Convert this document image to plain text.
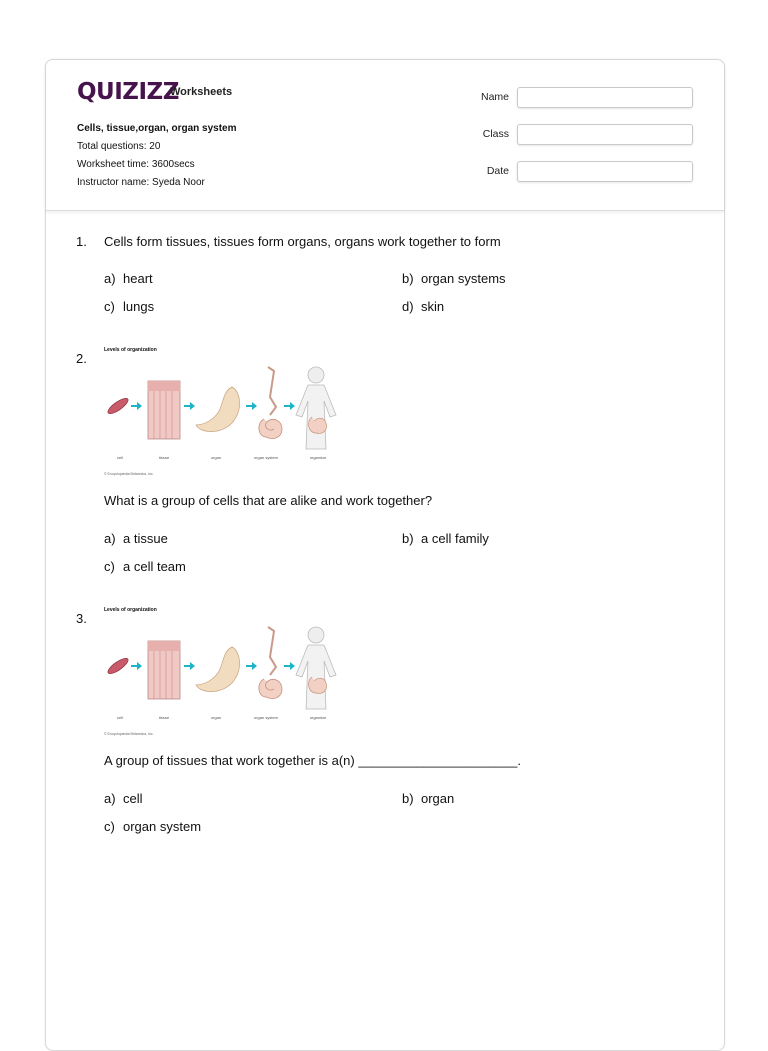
QUIZIZZ
Worksheets
Cells, tissue,organ, organ system
Total questions: 20
Worksheet time: 3600secs
Instructor name: Syeda Noor
Name
Class
Date
1.	Cells form tissues, tissues form organs, organs work together to form
a) heart	b) organ systems
c) lungs	d) skin
2.
Levels of organization
cell	tissue	organ	organ system	organism
© Encyclopædia Britannica, Inc.
What is a group of cells that are alike and work together?
a) a tissue	b) a cell family
c) a cell team
3.
Levels of organization
cell	tissue	organ	organ system	organism
© Encyclopædia Britannica, Inc.
A group of tissues that work together is a(n) ______________________.
a) cell	b) organ
c) organ system
